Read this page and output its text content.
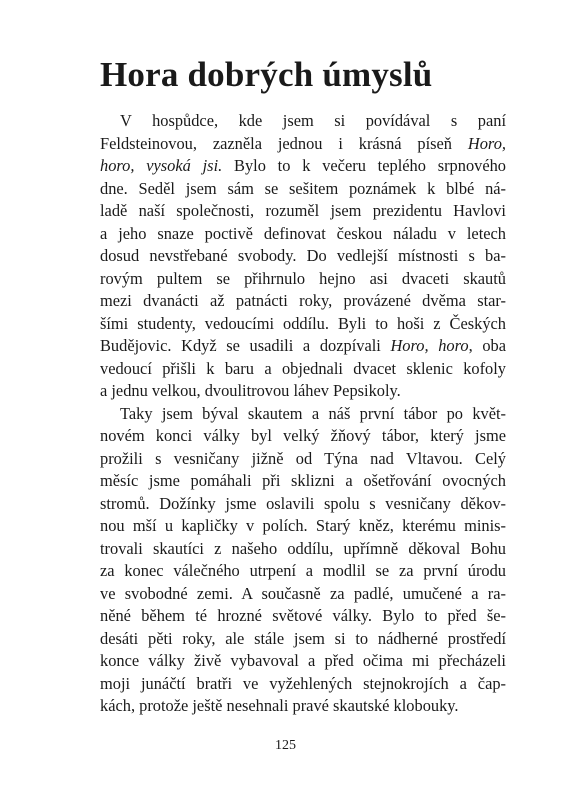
Hora dobrých úmyslů
V hospůdce, kde jsem si povídával s paní
Feldsteinovou, zazněla jednou i krásná píseň Horo,
horo, vysoká jsi. Bylo to k večeru teplého srpnového
dne. Seděl jsem sám se sešitem poznámek k blbé ná-
ladě naší společnosti, rozuměl jsem prezidentu Havlovi
a jeho snaze poctivě definovat českou náladu v letech
dosud nevstřebané svobody. Do vedlejší místnosti s ba-
rovým pultem se přihrnulo hejno asi dvaceti skautů
mezi dvanácti až patnácti roky, provázené dvěma star-
šími studenty, vedoucími oddílu. Byli to hoši z Českých
Budějovic. Když se usadili a dozpívali Horo, horo, oba
vedoucí přišli k baru a objednali dvacet sklenic kofoly
a jednu velkou, dvoulitrovou láhev Pepsikoly.
Taky jsem býval skautem a náš první tábor po květ-
novém konci války byl velký žňový tábor, který jsme
prožili s vesničany jižně od Týna nad Vltavou. Celý
měsíc jsme pomáhali při sklizni a ošetřování ovocných
stromů. Dožínky jsme oslavili spolu s vesničany děkov-
nou mší u kapličky v polích. Starý kněz, kterému minis-
trovali skautíci z našeho oddílu, upřímně děkoval Bohu
za konec válečného utrpení a modlil se za první úrodu
ve svobodné zemi. A současně za padlé, umučené a ra-
něné během té hrozné světové války. Bylo to před še-
desáti pěti roky, ale stále jsem si to nádherné prostředí
konce války živě vybavoval a před očima mi přecházeli
moji junáčtí bratři ve vyžehlených stejnokrojích a čap-
kách, protože ještě nesehnali pravé skautské klobouky.
125
